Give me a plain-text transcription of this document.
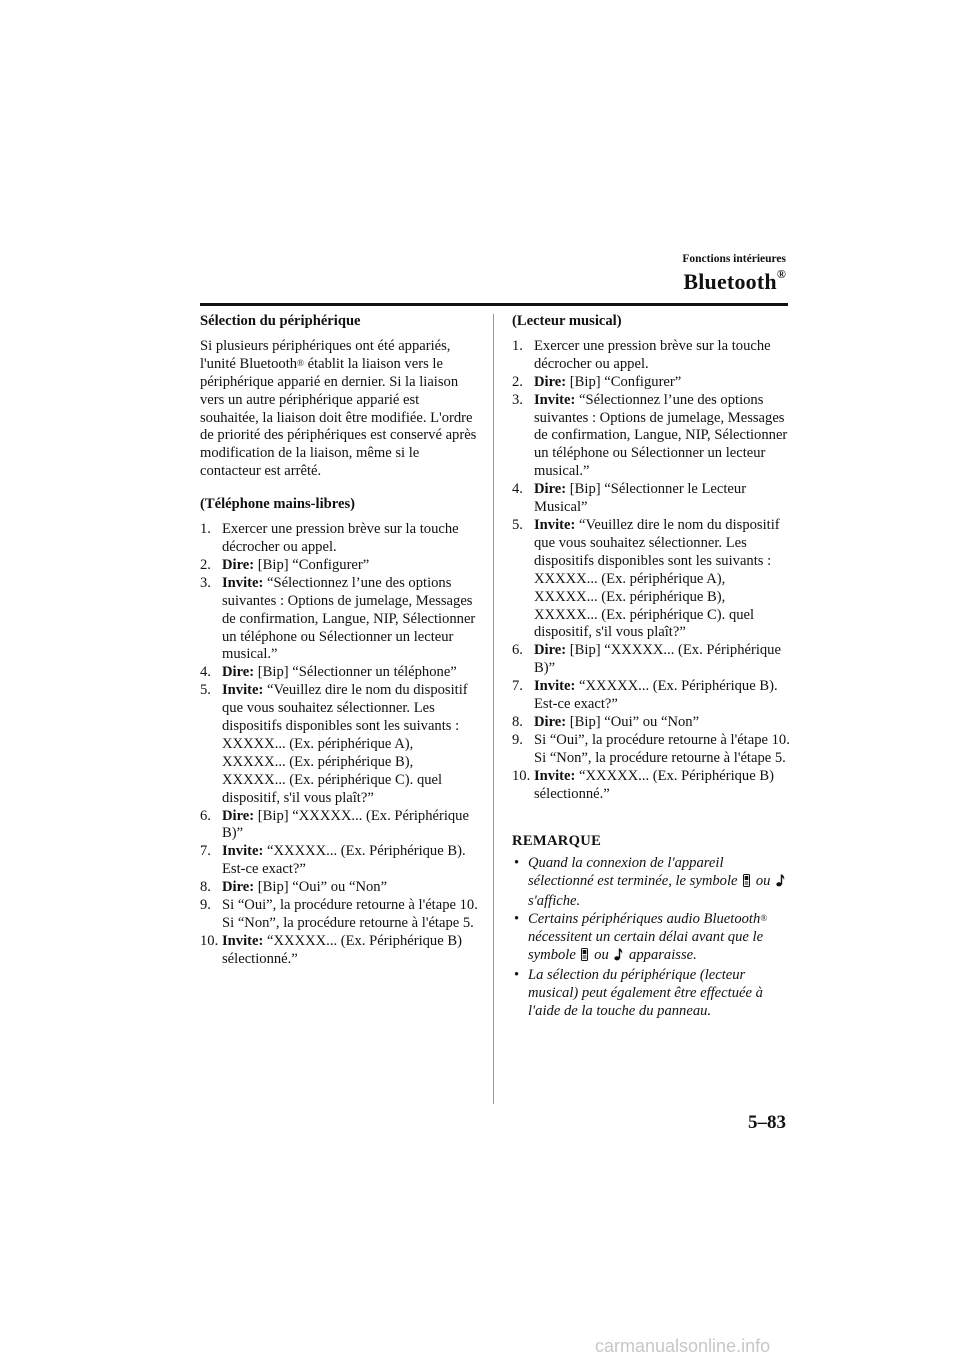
Fonctions intérieures
Bluetooth®
Sélection du périphérique
Si plusieurs périphériques ont été appariés, l'unité Bluetooth® établit la liaison vers le périphérique apparié en dernier. Si la liaison vers un autre périphérique apparié est souhaitée, la liaison doit être modifiée. L'ordre de priorité des périphériques est conservé après modification de la liaison, même si le contacteur est arrêté.
(Téléphone mains-libres)
1. Exercer une pression brève sur la touche décrocher ou appel.
2. Dire: [Bip] “Configurer”
3. Invite: “Sélectionnez l’une des options suivantes : Options de jumelage, Messages de confirmation, Langue, NIP, Sélectionner un téléphone ou Sélectionner un lecteur musical.”
4. Dire: [Bip] “Sélectionner un téléphone”
5. Invite: “Veuillez dire le nom du dispositif que vous souhaitez sélectionner. Les dispositifs disponibles sont les suivants : XXXXX... (Ex. périphérique A), XXXXX... (Ex. périphérique B), XXXXX... (Ex. périphérique C). quel dispositif, s'il vous plaît?”
6. Dire: [Bip] “XXXXX... (Ex. Périphérique B)”
7. Invite: “XXXXX... (Ex. Périphérique B). Est-ce exact?”
8. Dire: [Bip] “Oui” ou “Non”
9. Si “Oui”, la procédure retourne à l'étape 10. Si “Non”, la procédure retourne à l'étape 5.
10. Invite: “XXXXX... (Ex. Périphérique B) sélectionné.”
(Lecteur musical)
1. Exercer une pression brève sur la touche décrocher ou appel.
2. Dire: [Bip] “Configurer”
3. Invite: “Sélectionnez l’une des options suivantes : Options de jumelage, Messages de confirmation, Langue, NIP, Sélectionner un téléphone ou Sélectionner un lecteur musical.”
4. Dire: [Bip] “Sélectionner le Lecteur Musical”
5. Invite: “Veuillez dire le nom du dispositif que vous souhaitez sélectionner. Les dispositifs disponibles sont les suivants : XXXXX... (Ex. périphérique A), XXXXX... (Ex. périphérique B), XXXXX... (Ex. périphérique C). quel dispositif, s'il vous plaît?”
6. Dire: [Bip] “XXXXX... (Ex. Périphérique B)”
7. Invite: “XXXXX... (Ex. Périphérique B). Est-ce exact?”
8. Dire: [Bip] “Oui” ou “Non”
9. Si “Oui”, la procédure retourne à l'étape 10. Si “Non”, la procédure retourne à l'étape 5.
10. Invite: “XXXXX... (Ex. Périphérique B) sélectionné.”
REMARQUE
• Quand la connexion de l'appareil sélectionné est terminée, le symbole ou  s'affiche.
• Certains périphériques audio Bluetooth® nécessitent un certain délai avant que le symbole ou apparaisse.
• La sélection du périphérique (lecteur musical) peut également être effectuée à l'aide de la touche du panneau.
5–83
carmanualsonline.info
